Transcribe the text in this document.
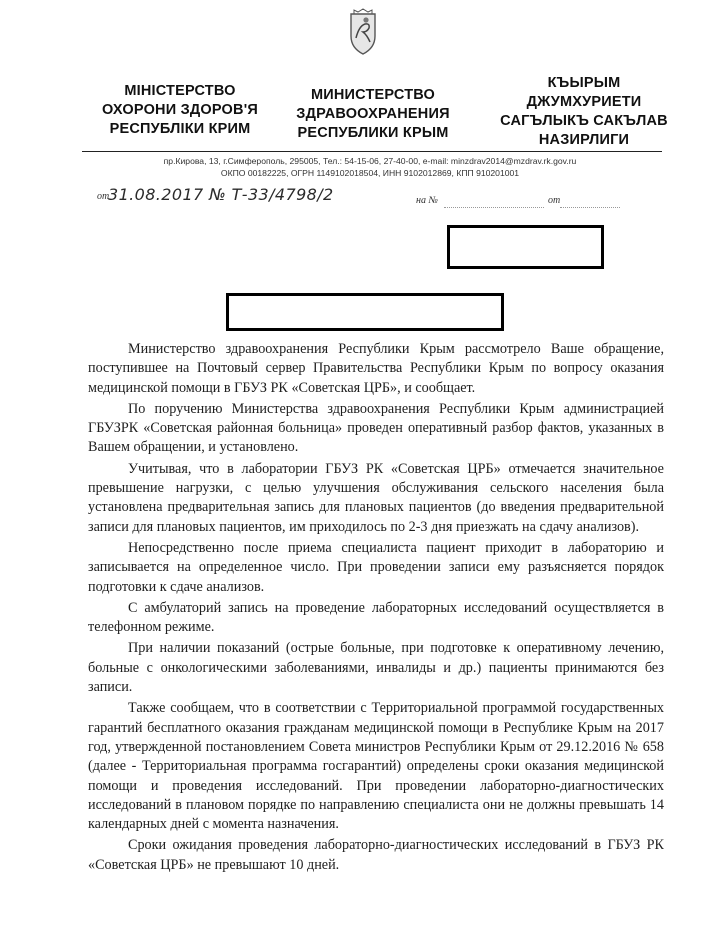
МІНІСТЕРСТВО
ОХОРОНИ ЗДОРОВ'Я
РЕСПУБЛІКИ КРИМ
МИНИСТЕРСТВО
ЗДРАВООХРАНЕНИЯ
РЕСПУБЛИКИ КРЫМ
КЪЫРЫМ
ДЖУМХУРИЕТИ
САГЪЛЫКЪ САКЪЛАВ
НАЗИРЛИГИ
пр.Кирова, 13, г.Симферополь, 295005, Тел.: 54-15-06, 27-40-00, e-mail: minzdrav2014@mzdrav.rk.gov.ru
ОКПО 00182225, ОГРН 1149102018504, ИНН 9102012869, КПП 910201001
от
31.08.2017 № Т-33/4798/2	на №	от

Министерство здравоохранения Республики Крым рассмотрело Ваше обращение, поступившее на Почтовый сервер Правительства Республики Крым по вопросу оказания медицинской помощи в ГБУЗ РК «Советская ЦРБ», и сообщает.

По поручению Министерства здравоохранения Республики Крым администрацией ГБУЗРК «Советская районная больница» проведен оперативный разбор фактов, указанных в Вашем обращении, и установлено.

Учитывая, что в лаборатории ГБУЗ РК «Советская ЦРБ» отмечается значительное превышение нагрузки, с целью улучшения обслуживания сельского населения была установлена предварительная запись для плановых пациентов (до введения предварительной записи для плановых пациентов, им приходилось по 2-3 дня приезжать на сдачу анализов).

Непосредственно после приема специалиста пациент приходит в лабораторию и записывается на определенное число. При проведении записи ему разъясняется порядок подготовки к сдаче анализов.

С амбулаторий запись на проведение лабораторных исследований осуществляется в телефонном режиме.

При наличии показаний (острые больные, при подготовке к оперативному лечению, больные с онкологическими заболеваниями, инвалиды и др.) пациенты принимаются без записи.

Также сообщаем, что в соответствии с Территориальной программой государственных гарантий бесплатного оказания гражданам медицинской помощи в Республике Крым на 2017 год, утвержденной постановлением Совета министров Республики Крым от 29.12.2016 № 658 (далее - Территориальная программа госгарантий) определены сроки оказания медицинской помощи и проведения исследований. При проведении лабораторно-диагностических исследований в плановом порядке по направлению специалиста они не должны превышать 14 календарных дней с момента назначения.

Сроки ожидания проведения лабораторно-диагностических исследований в ГБУЗ РК «Советская ЦРБ» не превышают 10 дней.
